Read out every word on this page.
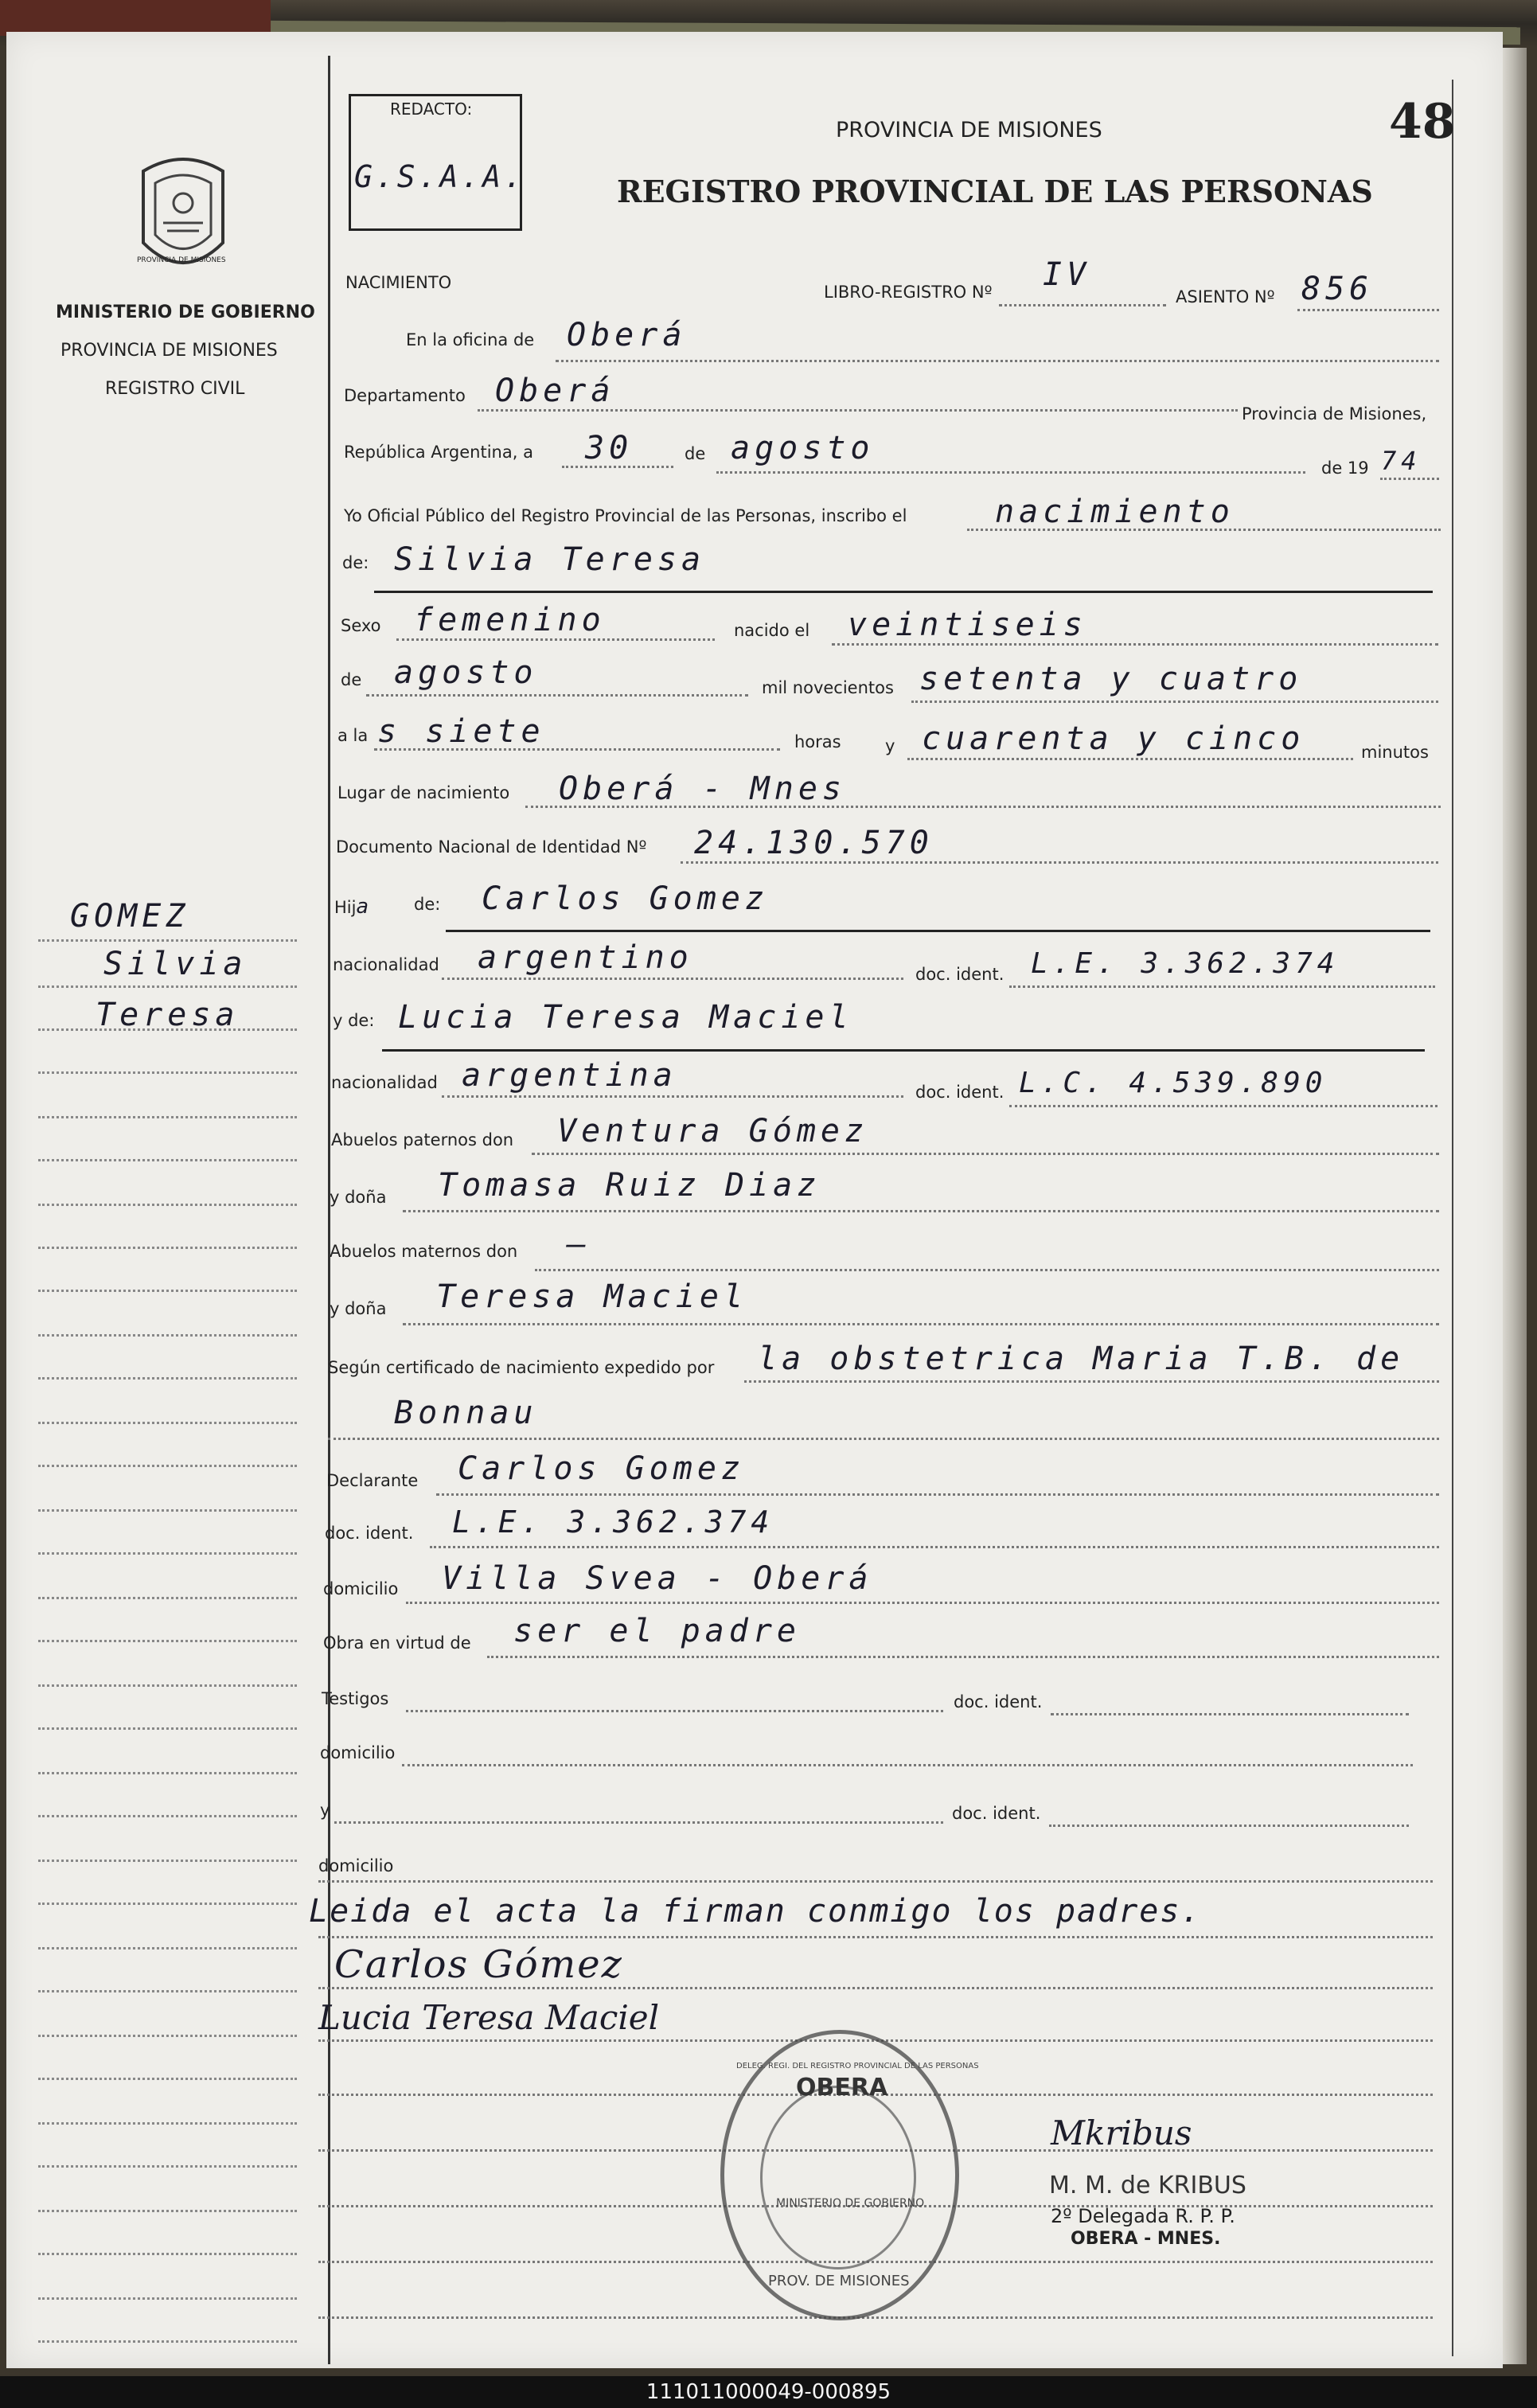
PROVINCIA DE MISIONES
MINISTERIO DE GOBIERNO
PROVINCIA DE MISIONES
REGISTRO CIVIL
REDACTO:
G.S.A.A.
PROVINCIA DE MISIONES	48
REGISTRO PROVINCIAL DE LAS PERSONAS
NACIMIENTO	LIBRO-REGISTRO Nº IV
ASIENTO Nº 856
En la oficina de Oberá
Departamento Oberá
Provincia de Misiones,
República Argentina, a 30	de agosto
de 19 74
Yo Oficial Público del Registro Provincial de las Personas, inscribo el	nacimiento
de: Silvia Teresa
Sexo femenino	nacido el veintiseis
de agosto	mil novecientos setenta y cuatro
a la s siete	horas	y cuarenta y cinco	minutos
Lugar de nacimiento Oberá - Mnes
Documento Nacional de Identidad Nº 24.130.570
Hija	de: Carlos Gomez
nacionalidad argentino	doc. ident. L.E. 3.362.374
y de: Lucia Teresa Maciel
nacionalidad argentina	doc. ident. L.C. 4.539.890
Abuelos paternos don Ventura Gómez
y doña Tomasa Ruiz Diaz
Abuelos maternos don —
y doña Teresa Maciel
Según certificado de nacimiento expedido por la obstetrica Maria T.B. de
Bonnau
Declarante Carlos Gomez
doc. ident. L.E. 3.362.374
domicilio Villa Svea - Oberá
Obra en virtud de ser el padre
Testigos	doc. ident.
domicilio
y	doc. ident.
domicilio
Leida el acta la firman conmigo los padres.
Carlos Gómez
Lucia Teresa Maciel
GOMEZ
Silvia
Teresa
DELEG. REGI. DEL REGISTRO PROVINCIAL DE LAS PERSONAS
OBERA
MINISTERIO DE GOBIERNO
PROV. DE MISIONES
Mkribus
M. M. de KRIBUS
2º Delegada R. P. P.
OBERA - MNES.
111011000049-000895
